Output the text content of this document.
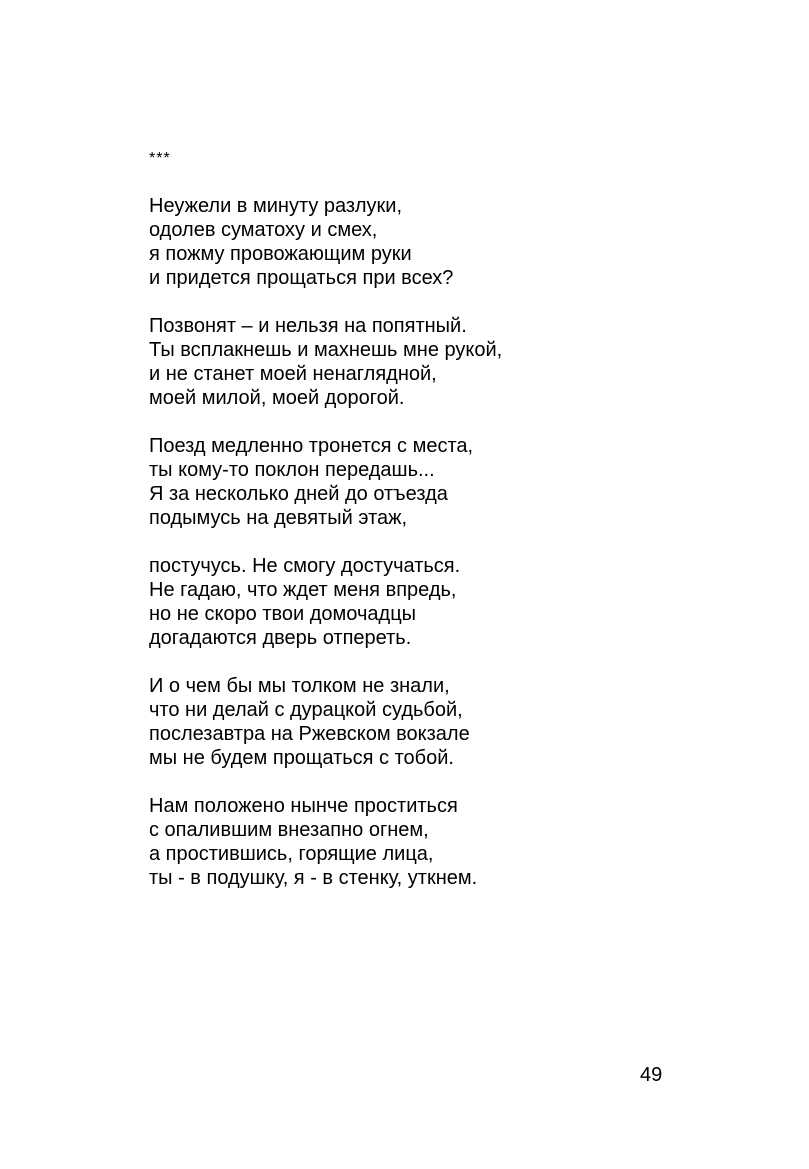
***
Неужели в минуту разлуки,
одолев суматоху и смех,
я пожму провожающим руки
и придется прощаться при всех?
Позвонят – и нельзя на попятный.
Ты всплакнешь и махнешь мне рукой,
и не станет моей ненаглядной,
моей милой, моей дорогой.
Поезд медленно тронется с места,
ты кому-то поклон передашь...
Я за несколько дней до отъезда
подымусь на девятый этаж,
постучусь. Не смогу достучаться.
Не гадаю, что ждет меня впредь,
но не скоро твои домочадцы
догадаются дверь отпереть.
И о чем бы мы толком не знали,
что ни делай с дурацкой судьбой,
послезавтра на Ржевском вокзале
мы не будем прощаться с тобой.
Нам положено нынче проститься
с опалившим внезапно огнем,
а простившись, горящие лица,
ты - в подушку, я - в стенку, уткнем.
49
